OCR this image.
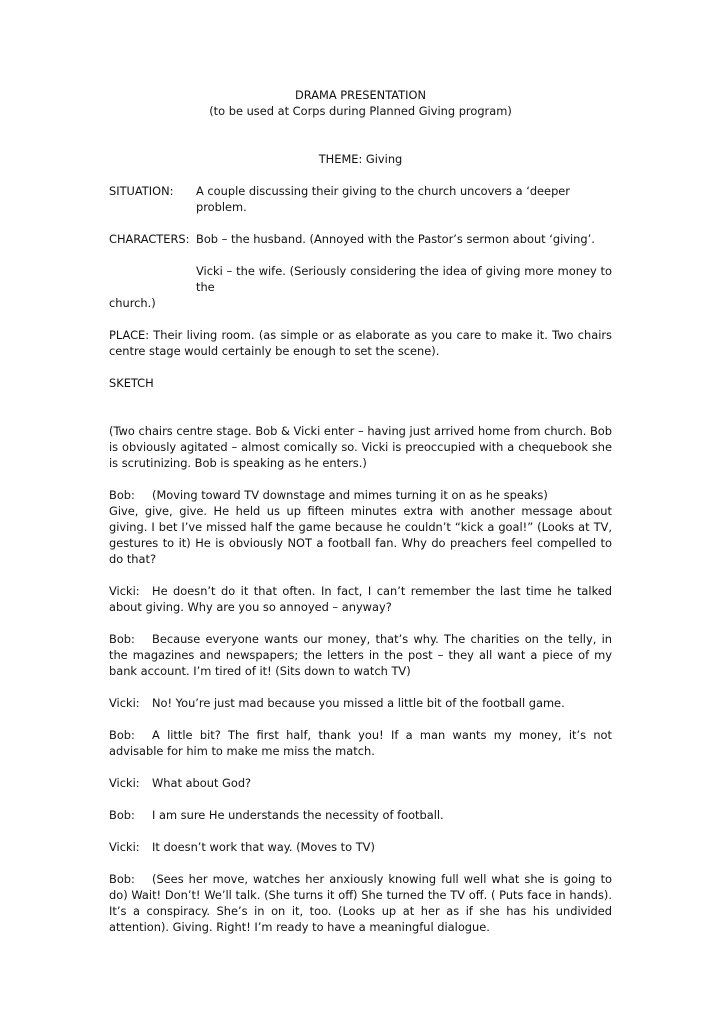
DRAMA PRESENTATION

(to be used at Corps during Planned Giving program)

THEME: Giving

SITUATION:	A couple discussing their giving to the church uncovers a ‘deeper problem.
CHARACTERS: Bob – the husband. (Annoyed with the Pastor’s sermon about ‘giving’.

Vicki – the wife. (Seriously considering the idea of giving more money to the

church.)

PLACE: Their living room. (as simple or as elaborate as you care to make it. Two chairs centre stage would certainly be enough to set the scene).

SKETCH

(Two chairs centre stage. Bob & Vicki enter – having just arrived home from church. Bob is obviously agitated – almost comically so. Vicki is preoccupied with a chequebook she is scrutinizing. Bob is speaking as he enters.)

Bob: (Moving toward TV downstage and mimes turning it on as he speaks)

Give, give, give. He held us up fifteen minutes extra with another message about giving. I bet I’ve missed half the game because he couldn’t “kick a goal!” (Looks at TV, gestures to it) He is obviously NOT a football fan. Why do preachers feel compelled to do that?

Vicki: He doesn’t do it that often. In fact, I can’t remember the last time he talked about giving. Why are you so annoyed – anyway?

Bob: Because everyone wants our money, that’s why. The charities on the telly, in the magazines and newspapers; the letters in the post – they all want a piece of my bank account. I’m tired of it! (Sits down to watch TV)

Vicki: No! You’re just mad because you missed a little bit of the football game.

Bob: A little bit? The first half, thank you! If a man wants my money, it’s not advisable for him to make me miss the match.

Vicki: What about God?

Bob: I am sure He understands the necessity of football.

Vicki: It doesn’t work that way. (Moves to TV)

Bob: (Sees her move, watches her anxiously knowing full well what she is going to do) Wait! Don’t! We’ll talk. (She turns it off) She turned the TV off. ( Puts face in hands). It’s a conspiracy. She’s in on it, too. (Looks up at her as if she has his undivided attention). Giving. Right! I’m ready to have a meaningful dialogue.
